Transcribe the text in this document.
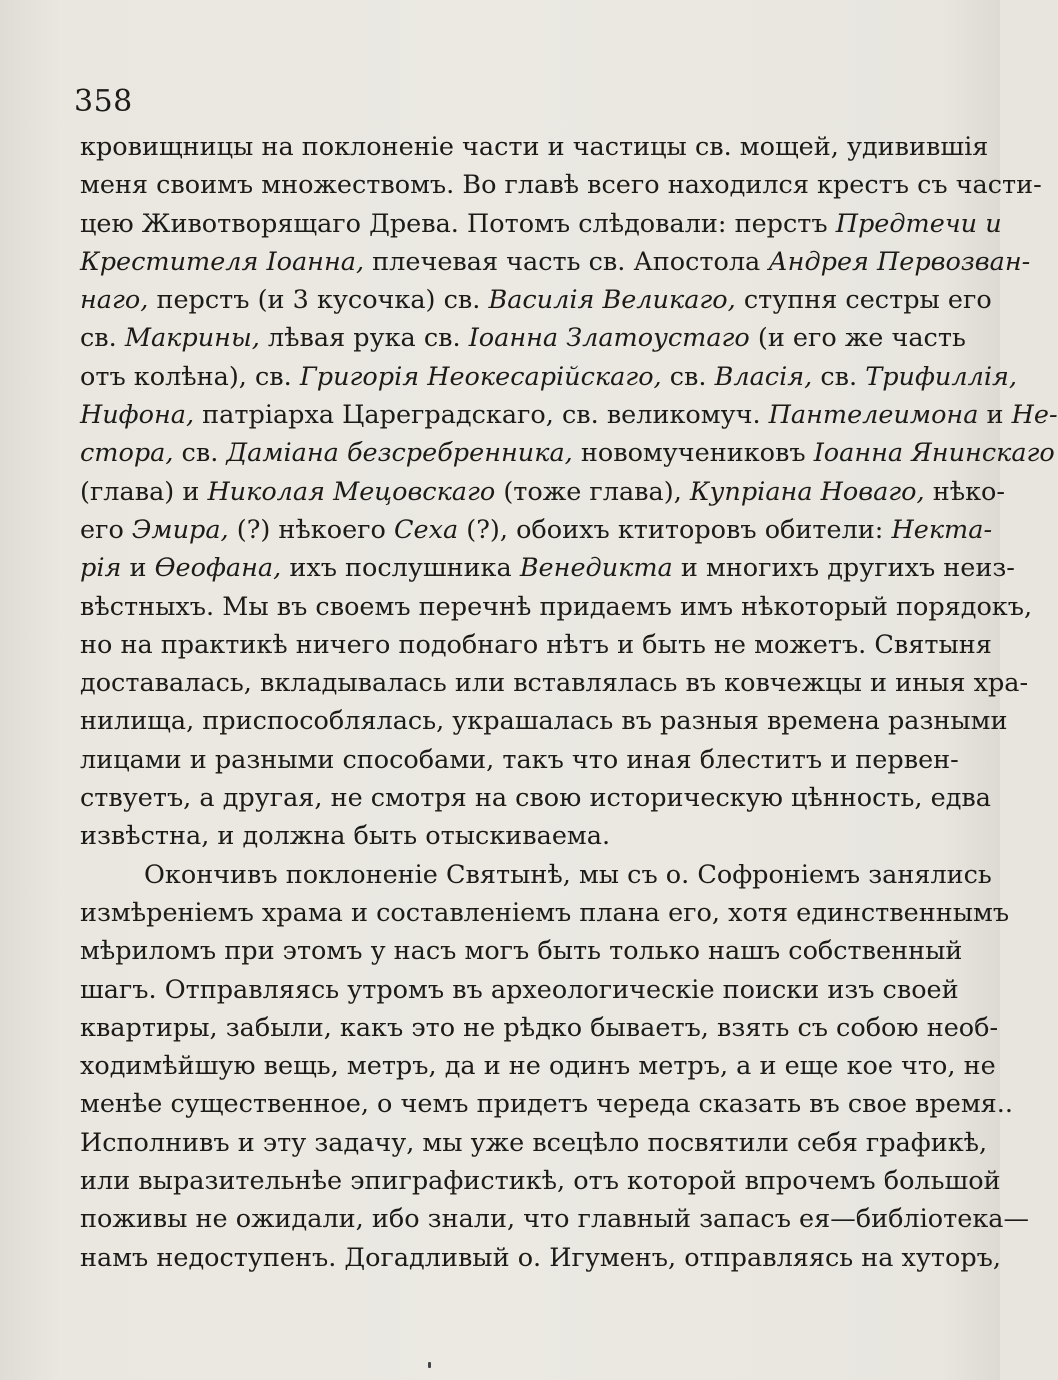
358
кровищницы на поклоненіе части и частицы св. мощей, удивившія
меня своимъ множествомъ. Во главѣ всего находился крестъ съ части-
цею Животворящаго Древа. Потомъ слѣдовали: перстъ Предтечи и
Крестителя Іоанна, плечевая часть св. Апостола Андрея Первозван-
наго, перстъ (и 3 кусочка) св. Василія Великаго, ступня сестры его
св. Макрины, лѣвая рука св. Іоанна Златоустаго (и его же часть
отъ колѣна), св. Григорія Неокесарійскаго, св. Власія, св. Трифиллія,
Нифона, патріарха Цареградскаго, св. великомуч. Пантелеимона и Не-
стора, св. Даміана безсребренника, новомучениковъ Іоанна Янинскаго
(глава) и Николая Мецовскаго (тоже глава), Купріана Новаго, нѣко-
его Эмира, (?) нѣкоего Сеха (?), обоихъ ктиторовъ обители: Некта-
рія и Ѳеофана, ихъ послушника Венедикта и многихъ другихъ неиз-
вѣстныхъ. Мы въ своемъ перечнѣ придаемъ имъ нѣкоторый порядокъ,
но на практикѣ ничего подобнаго нѣтъ и быть не можетъ. Святыня
доставалась, вкладывалась или вставлялась въ ковчежцы и иныя хра-
нилища, приспособлялась, украшалась въ разныя времена разными
лицами и разными способами, такъ что иная блеститъ и первен-
ствуетъ, а другая, не смотря на свою историческую цѣнность, едва
извѣстна, и должна быть отыскиваема.
Окончивъ поклоненіе Святынѣ, мы съ о. Софроніемъ занялись
измѣреніемъ храма и составленіемъ плана его, хотя единственнымъ
мѣриломъ при этомъ у насъ могъ быть только нашъ собственный
шагъ. Отправляясь утромъ въ археологическіе поиски изъ своей
квартиры, забыли, какъ это не рѣдко бываетъ, взять съ собою необ-
ходимѣйшую вещь, метръ, да и не одинъ метръ, а и еще кое что, не
менѣе существенное, о чемъ придетъ череда сказать въ свое время..
Исполнивъ и эту задачу, мы уже всецѣло посвятили себя графикѣ,
или выразительнѣе эпиграфистикѣ, отъ которой впрочемъ большой
поживы не ожидали, ибо знали, что главный запасъ ея—библіотека—
намъ недоступенъ. Догадливый о. Игуменъ, отправляясь на хуторъ,
